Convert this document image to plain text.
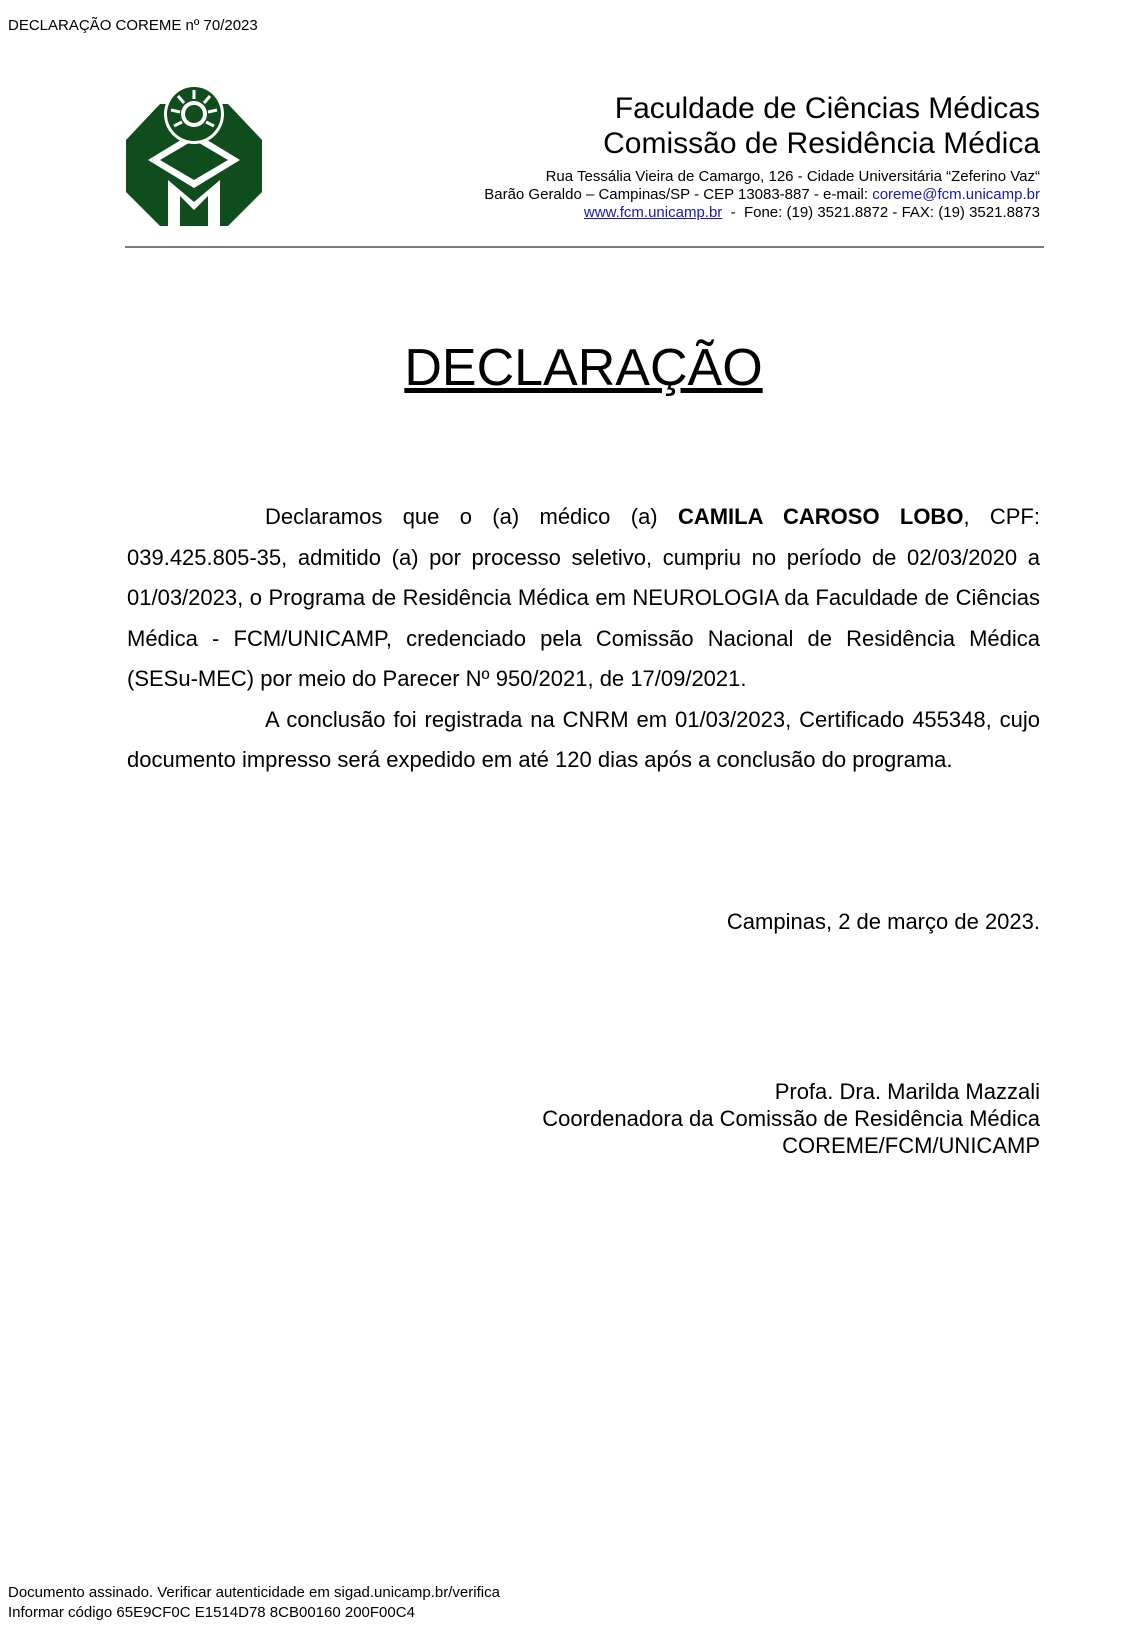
DECLARAÇÃO COREME nº 70/2023
Faculdade de Ciências Médicas
Comissão de Residência Médica
Rua Tessália Vieira de Camargo, 126 - Cidade Universitária “Zeferino Vaz“
Barão Geraldo – Campinas/SP - CEP 13083-887 - e-mail: coreme@fcm.unicamp.br
www.fcm.unicamp.br  -  Fone: (19) 3521.8872 - FAX: (19) 3521.8873
DECLARAÇÃO

Declaramos que o (a) médico (a) CAMILA CAROSO LOBO, CPF: 039.425.805-35, admitido (a) por processo seletivo, cumpriu no período de 02/03/2020 a 01/03/2023, o Programa de Residência Médica em NEUROLOGIA da Faculdade de Ciências Médica - FCM/UNICAMP, credenciado pela Comissão Nacional de Residência Médica (SESu-MEC) por meio do Parecer Nº 950/2021, de 17/09/2021.

A conclusão foi registrada na CNRM em 01/03/2023, Certificado 455348, cujo documento impresso será expedido em até 120 dias após a conclusão do programa.

Campinas, 2 de março de 2023.
Profa. Dra. Marilda Mazzali
Coordenadora da Comissão de Residência Médica
COREME/FCM/UNICAMP
Documento assinado. Verificar autenticidade em sigad.unicamp.br/verifica
Informar código 65E9CF0C E1514D78 8CB00160 200F00C4
